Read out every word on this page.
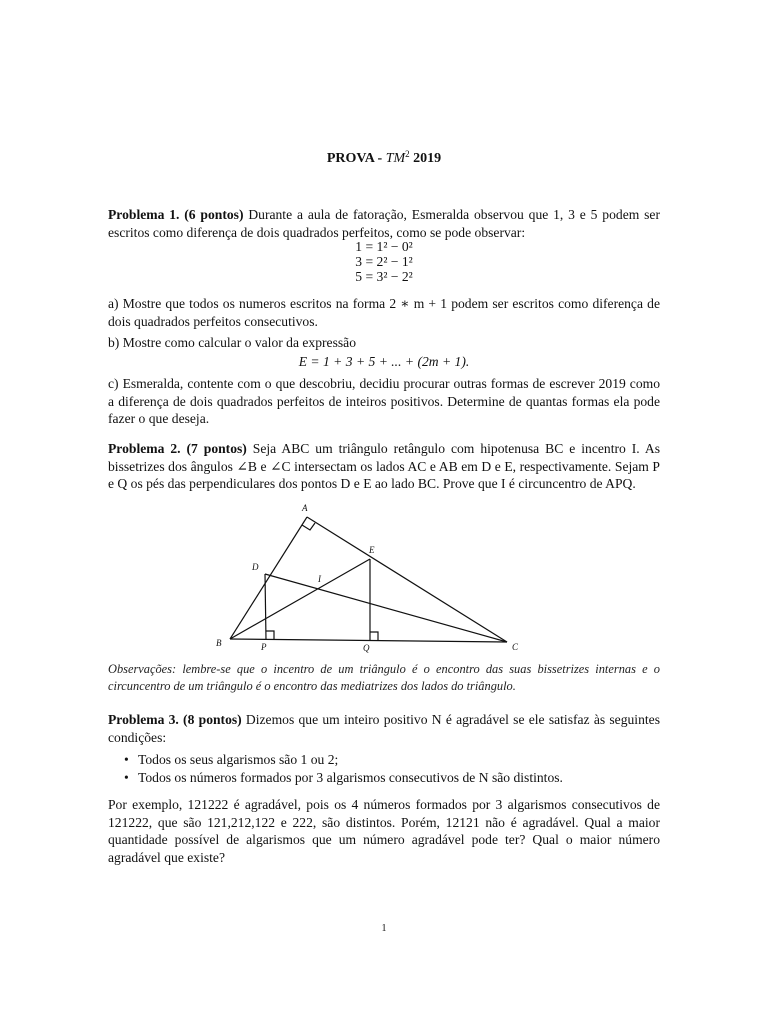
PROVA - $TM^2$ 2019

Problema 1. (6 pontos) Durante a aula de fatoração, Esmeralda observou que 1, 3 e 5 podem ser escritos como diferença de dois quadrados perfeitos, como se pode observar:

1 = 1² − 0²
3 = 2² − 1²
5 = 3² − 2²

a) Mostre que todos os numeros escritos na forma 2 ∗ m + 1 podem ser escritos como diferença de dois quadrados perfeitos consecutivos.

b) Mostre como calcular o valor da expressão

E = 1 + 3 + 5 + ... + (2m + 1).

c) Esmeralda, contente com o que descobriu, decidiu procurar outras formas de escrever 2019 como a diferença de dois quadrados perfeitos de inteiros positivos. Determine de quantas formas ela pode fazer o que deseja.

Problema 2. (7 pontos) Seja ABC um triângulo retângulo com hipotenusa BC e incentro I. As bissetrizes dos ângulos ∠B e ∠C intersectam os lados AC e AB em D e E, respectivamente. Sejam P e Q os pés das perpendiculares dos pontos D e E ao lado BC. Prove que I é circuncentro de APQ.

A
B	C
D
E
I
P	Q

Observações: lembre-se que o incentro de um triângulo é o encontro das suas bissetrizes internas e o circuncentro de um triângulo é o encontro das mediatrizes dos lados do triângulo.

Problema 3. (8 pontos) Dizemos que um inteiro positivo N é agradável se ele satisfaz às seguintes condições:

• Todos os seus algarismos são 1 ou 2;
• Todos os números formados por 3 algarismos consecutivos de N são distintos.

Por exemplo, 121222 é agradável, pois os 4 números formados por 3 algarismos consecutivos de 121222, que são 121,212,122 e 222, são distintos. Porém, 12121 não é agradável. Qual a maior quantidade possível de algarismos que um número agradável pode ter? Qual o maior número agradável que existe?

1
